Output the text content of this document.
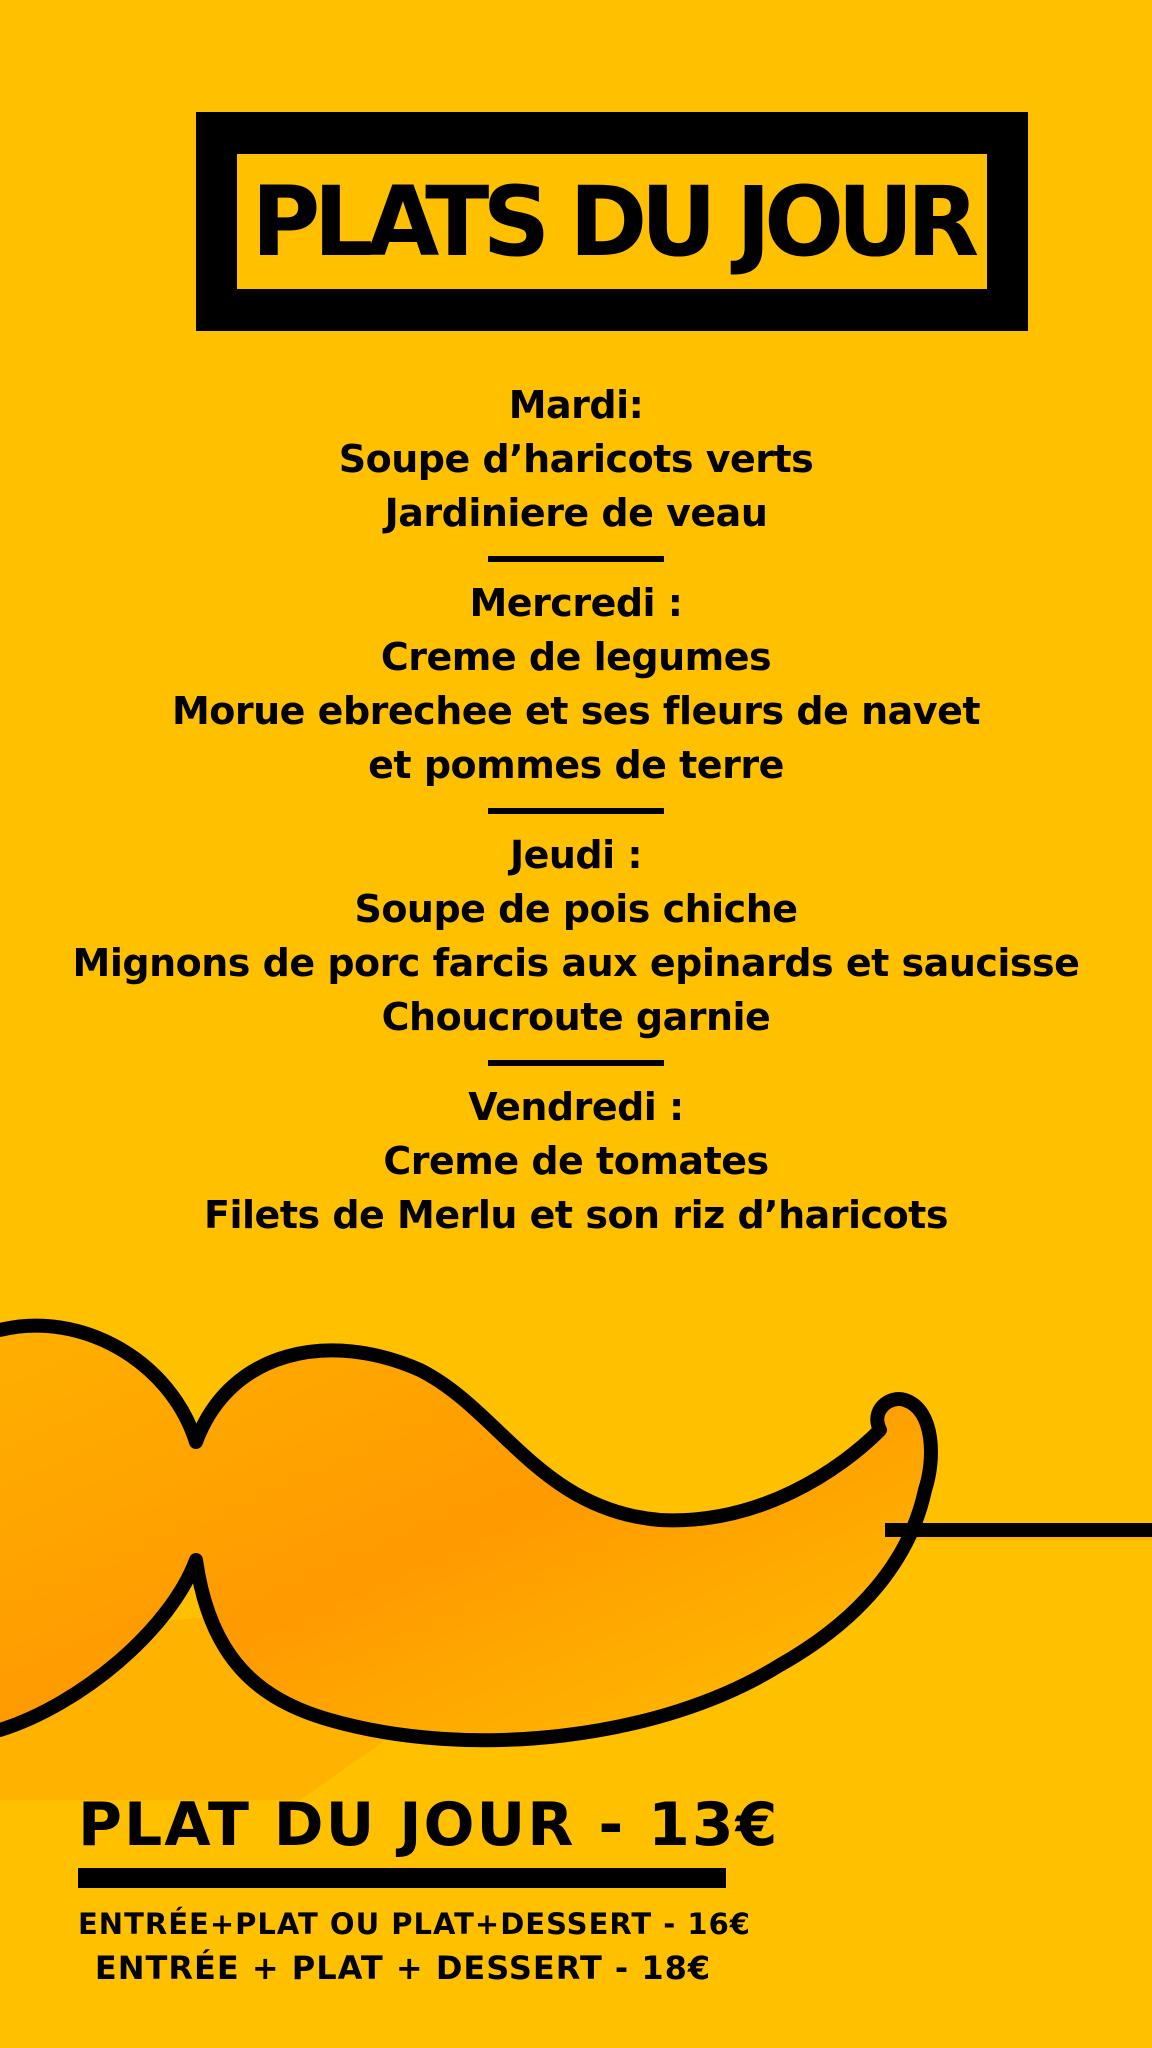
PLATS DU JOUR
Mardi:
Soupe d’haricots verts
Jardiniere de veau
Mercredi :
Creme de legumes
Morue ebrechee et ses fleurs de navet
et pommes de terre
Jeudi :
Soupe de pois chiche
Mignons de porc farcis aux epinards et saucisse
Choucroute garnie
Vendredi :
Creme de tomates
Filets de Merlu et son riz d’haricots
PLAT DU JOUR - 13€
ENTRÉE+PLAT OU PLAT+DESSERT - 16€
ENTRÉE + PLAT + DESSERT - 18€
